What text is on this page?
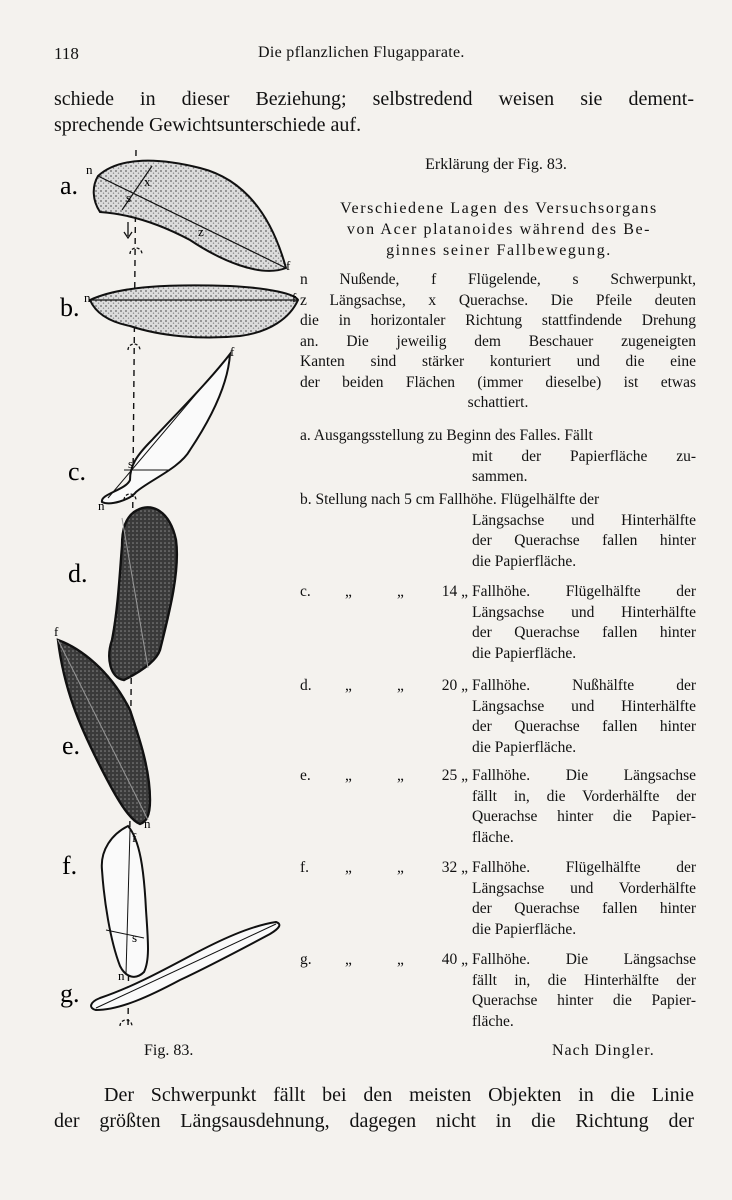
118	Die pflanzlichen Flugapparate.
schiede in dieser Beziehung; selbstredend weisen sie dement-
sprechende Gewichtsunterschiede auf.
a.
b.
c.
d.
e.
f.
g.
n
f
s
z
x
n	f
f
n
s
f
n
f
s
n
Erklärung der Fig. 83.
Verschiedene Lagen des Versuchsorgans
von Acer platanoides während des Be-
ginnes seiner Fallbewegung.
n Nußende, f Flügelende, s Schwerpunkt,
z Längsachse, x Querachse. Die Pfeile deuten
die in horizontaler Richtung stattfindende Drehung
an. Die jeweilig dem Beschauer zugeneigten
Kanten sind stärker konturiert und die eine
der beiden Flächen (immer dieselbe) ist etwas
schattiert.
a. Ausgangsstellung zu Beginn des Falles. Fällt
mit der Papierfläche zu-
sammen.
b. Stellung nach 5 cm Fallhöhe. Flügelhälfte der
Längsachse und Hinterhälfte
der Querachse fallen hinter
die Papierfläche.
c. „	„	14 „ Fallhöhe. Flügelhälfte der
Längsachse und Hinterhälfte
der Querachse fallen hinter
die Papierfläche.
d. „	„	20 „ Fallhöhe. Nußhälfte der
Längsachse und Hinterhälfte
der Querachse fallen hinter
die Papierfläche.
e. „	„	25 „ Fallhöhe. Die Längsachse
fällt in, die Vorderhälfte der
Querachse hinter die Papier-
fläche.
f. „	„	32 „ Fallhöhe. Flügelhälfte der
Längsachse und Vorderhälfte
der Querachse fallen hinter
die Papierfläche.
g. „	„	40 „ Fallhöhe. Die Längsachse
fällt in, die Hinterhälfte der
Querachse hinter die Papier-
fläche.
Fig. 83.	Nach Dingler.
Der Schwerpunkt fällt bei den meisten Objekten in die Linie
der größten Längsausdehnung, dagegen nicht in die Richtung der
